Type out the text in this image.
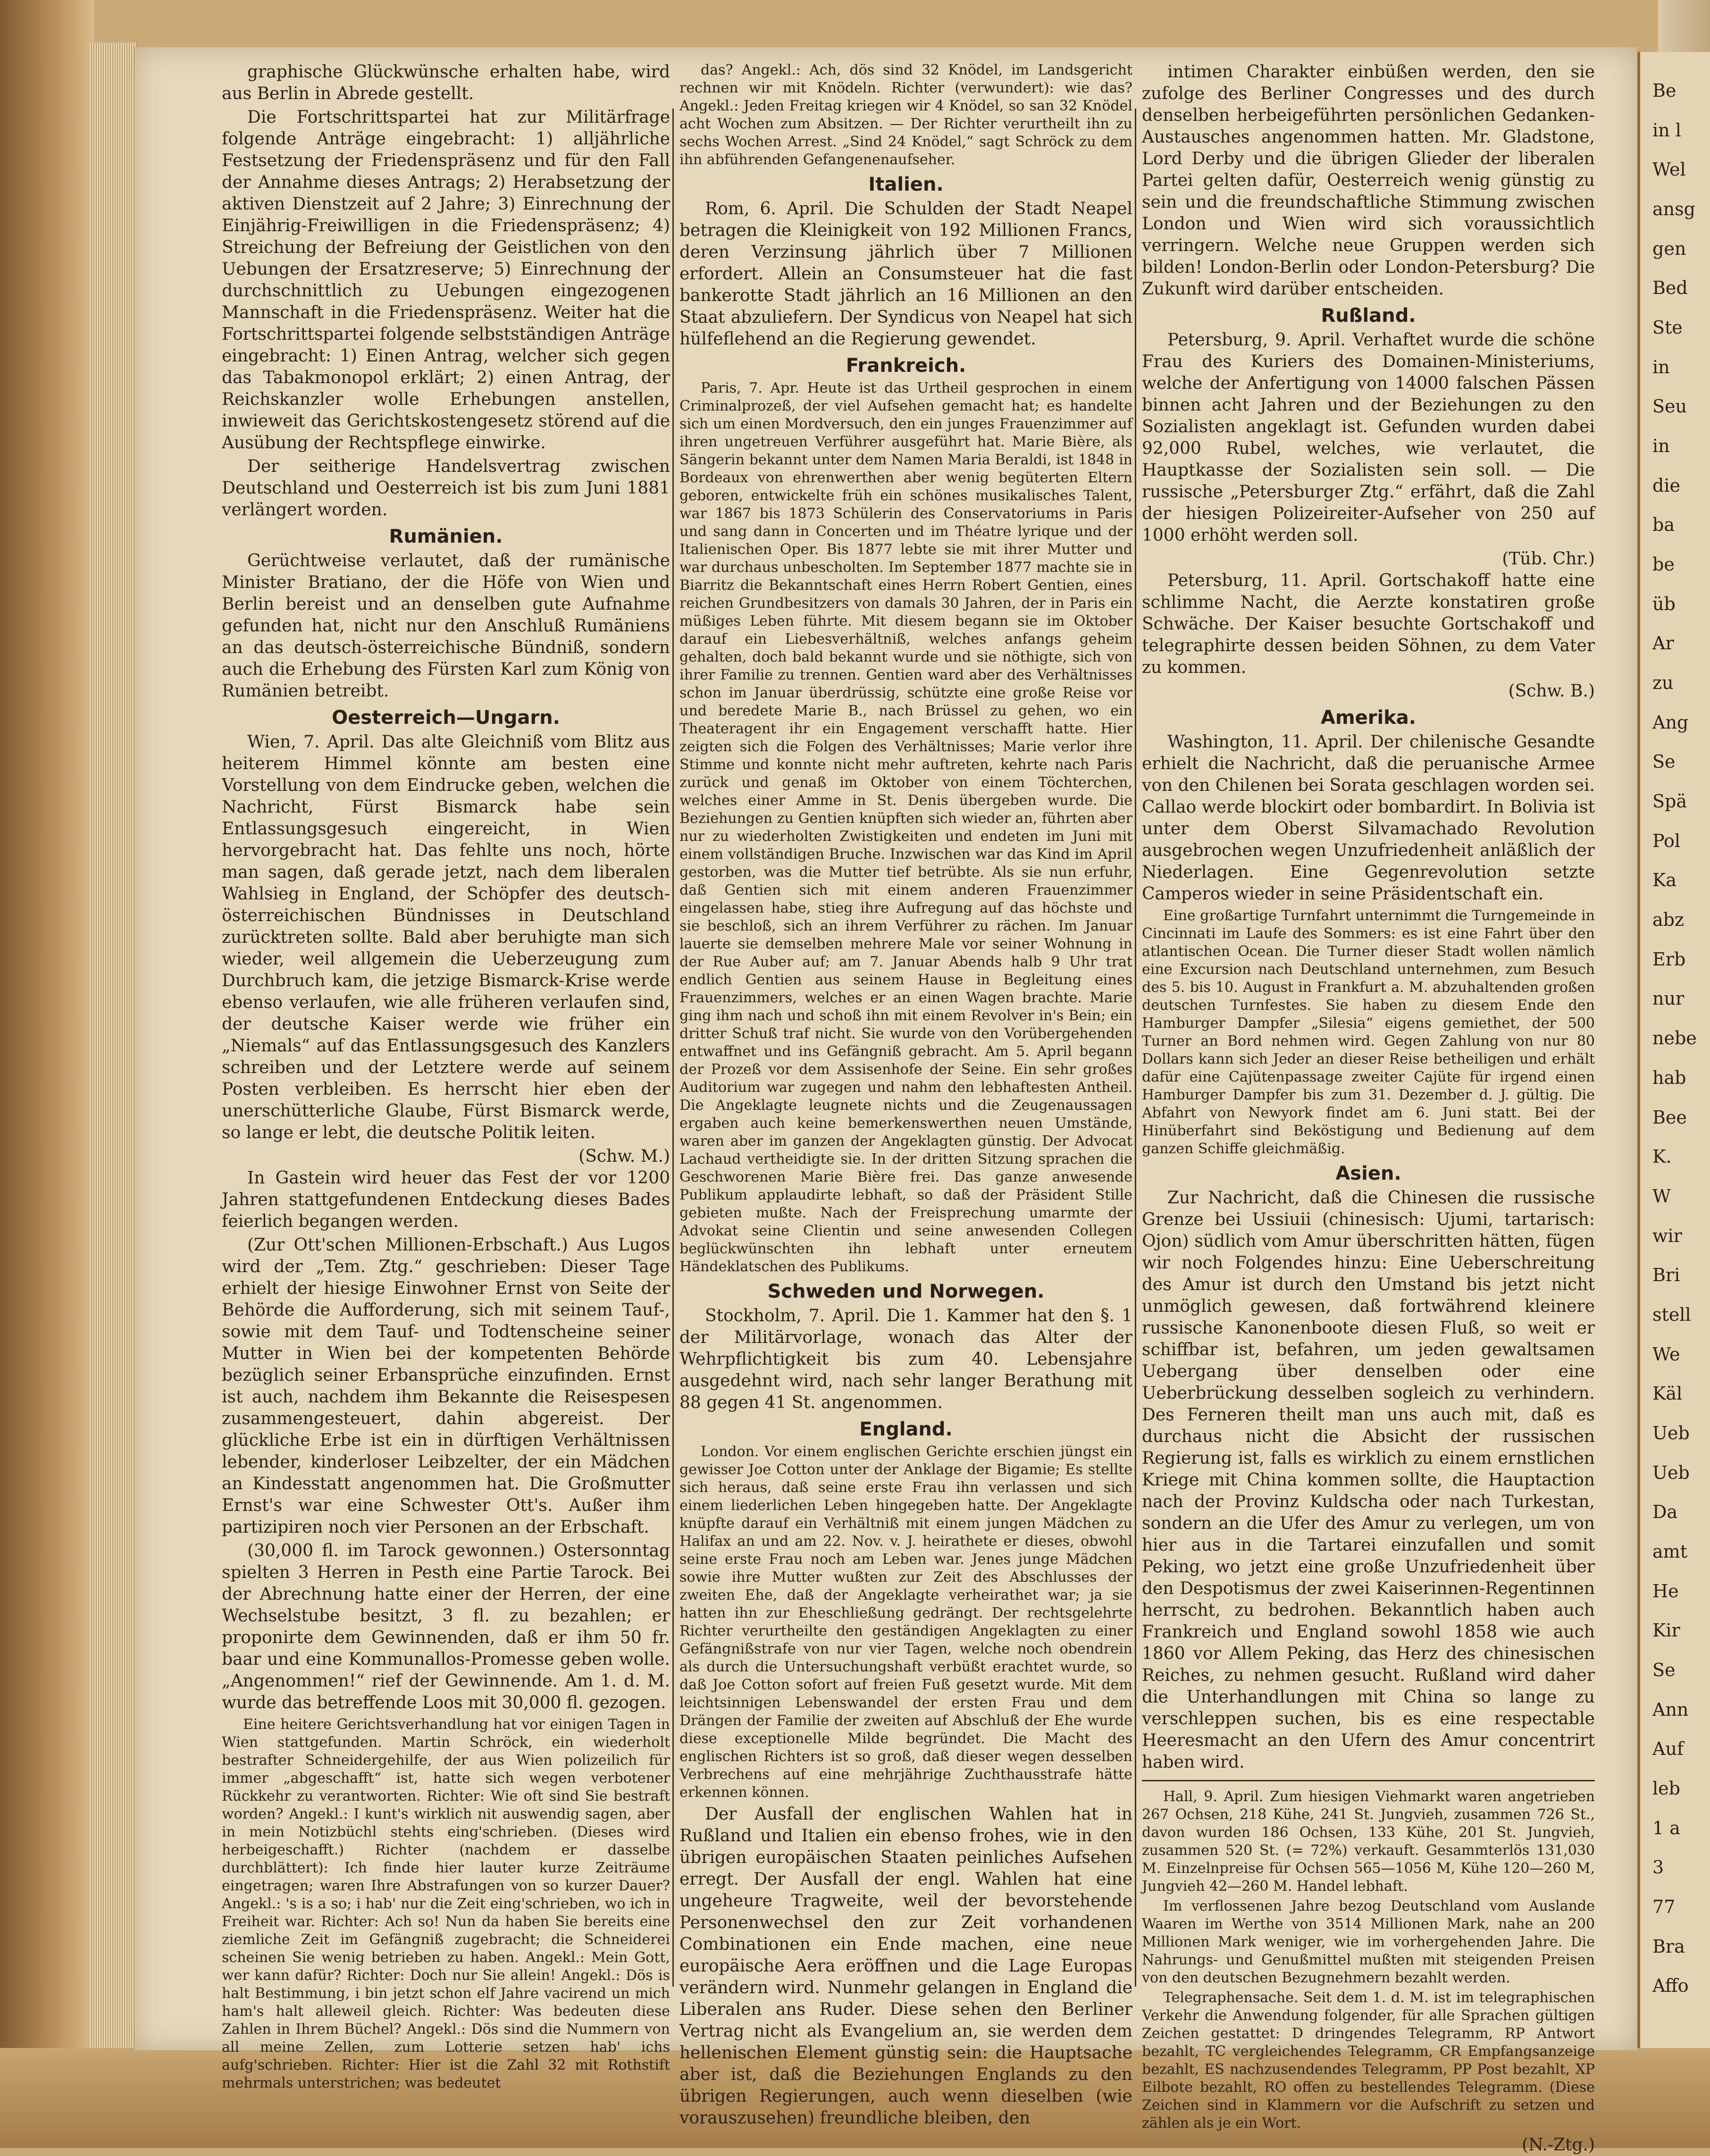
graphische Glückwünsche erhalten habe, wird aus Berlin in Abrede gestellt.

Die Fortschrittspartei hat zur Militärfrage folgende Anträge eingebracht: 1) alljährliche Festsetzung der Friedenspräsenz und für den Fall der Annahme dieses Antrags; 2) Herabsetzung der aktiven Dienstzeit auf 2 Jahre; 3) Einrechnung der Einjährig-Freiwilligen in die Friedenspräsenz; 4) Streichung der Befreiung der Geistlichen von den Uebungen der Ersatzreserve; 5) Einrechnung der durchschnittlich zu Uebungen eingezogenen Mannschaft in die Friedenspräsenz. Weiter hat die Fortschrittspartei folgende selbstständigen Anträge eingebracht: 1) Einen Antrag, welcher sich gegen das Tabakmonopol erklärt; 2) einen Antrag, der Reichskanzler wolle Erhebungen anstellen, inwieweit das Gerichtskostengesetz störend auf die Ausübung der Rechtspflege einwirke.

Der seitherige Handelsvertrag zwischen Deutschland und Oesterreich ist bis zum Juni 1881 verlängert worden.

Rumänien.

Gerüchtweise verlautet, daß der rumänische Minister Bratiano, der die Höfe von Wien und Berlin bereist und an denselben gute Aufnahme gefunden hat, nicht nur den Anschluß Rumäniens an das deutsch-österreichische Bündniß, sondern auch die Erhebung des Fürsten Karl zum König von Rumänien betreibt.

Oesterreich—Ungarn.

Wien, 7. April. Das alte Gleichniß vom Blitz aus heiterem Himmel könnte am besten eine Vorstellung von dem Eindrucke geben, welchen die Nachricht, Fürst Bismarck habe sein Entlassungsgesuch eingereicht, in Wien hervorgebracht hat. Das fehlte uns noch, hörte man sagen, daß gerade jetzt, nach dem liberalen Wahlsieg in England, der Schöpfer des deutsch-österreichischen Bündnisses in Deutschland zurücktreten sollte. Bald aber beruhigte man sich wieder, weil allgemein die Ueberzeugung zum Durchbruch kam, die jetzige Bismarck-Krise werde ebenso verlaufen, wie alle früheren verlaufen sind, der deutsche Kaiser werde wie früher ein „Niemals“ auf das Entlassungsgesuch des Kanzlers schreiben und der Letztere werde auf seinem Posten verbleiben. Es herrscht hier eben der unerschütterliche Glaube, Fürst Bismarck werde, so lange er lebt, die deutsche Politik leiten.

(Schw. M.)

In Gastein wird heuer das Fest der vor 1200 Jahren stattgefundenen Entdeckung dieses Bades feierlich begangen werden.

(Zur Ott'schen Millionen-Erbschaft.) Aus Lugos wird der „Tem. Ztg.“ geschrieben: Dieser Tage erhielt der hiesige Einwohner Ernst von Seite der Behörde die Aufforderung, sich mit seinem Tauf-, sowie mit dem Tauf- und Todtenscheine seiner Mutter in Wien bei der kompetenten Behörde bezüglich seiner Erbansprüche einzufinden. Ernst ist auch, nachdem ihm Bekannte die Reisespesen zusammengesteuert, dahin abgereist. Der glückliche Erbe ist ein in dürftigen Verhältnissen lebender, kinderloser Leibzelter, der ein Mädchen an Kindesstatt angenommen hat. Die Großmutter Ernst's war eine Schwester Ott's. Außer ihm partizipiren noch vier Personen an der Erbschaft.

(30,000 fl. im Tarock gewonnen.) Ostersonntag spielten 3 Herren in Pesth eine Partie Tarock. Bei der Abrechnung hatte einer der Herren, der eine Wechselstube besitzt, 3 fl. zu bezahlen; er proponirte dem Gewinnenden, daß er ihm 50 fr. baar und eine Kommunallos-Promesse geben wolle. „Angenommen!“ rief der Gewinnende. Am 1. d. M. wurde das betreffende Loos mit 30,000 fl. gezogen.

Eine heitere Gerichtsverhandlung hat vor einigen Tagen in Wien stattgefunden. Martin Schröck, ein wiederholt bestrafter Schneidergehilfe, der aus Wien polizeilich für immer „abgeschafft“ ist, hatte sich wegen verbotener Rückkehr zu verantworten. Richter: Wie oft sind Sie bestraft worden? Angekl.: I kunt's wirklich nit auswendig sagen, aber in mein Notizbüchl stehts eing'schrieben. (Dieses wird herbeigeschafft.) Richter (nachdem er dasselbe durchblättert): Ich finde hier lauter kurze Zeiträume eingetragen; waren Ihre Abstrafungen von so kurzer Dauer? Angekl.: 's is a so; i hab' nur die Zeit eing'schrieben, wo ich in Freiheit war. Richter: Ach so! Nun da haben Sie bereits eine ziemliche Zeit im Gefängniß zugebracht; die Schneiderei scheinen Sie wenig betrieben zu haben. Angekl.: Mein Gott, wer kann dafür? Richter: Doch nur Sie allein! Angekl.: Dös is halt Bestimmung, i bin jetzt schon elf Jahre vacirend un mich ham's halt alleweil gleich. Richter: Was bedeuten diese Zahlen in Ihrem Büchel? Angekl.: Dös sind die Nummern von all meine Zellen, zum Lotterie setzen hab' ichs aufg'schrieben. Richter: Hier ist die Zahl 32 mit Rothstift mehrmals unterstrichen; was bedeutet

das? Angekl.: Ach, dös sind 32 Knödel, im Landsgericht rechnen wir mit Knödeln. Richter (verwundert): wie das? Angekl.: Jeden Freitag kriegen wir 4 Knödel, so san 32 Knödel acht Wochen zum Absitzen. — Der Richter verurtheilt ihn zu sechs Wochen Arrest. „Sind 24 Knödel,“ sagt Schröck zu dem ihn abführenden Gefangenenaufseher.

Italien.

Rom, 6. April. Die Schulden der Stadt Neapel betragen die Kleinigkeit von 192 Millionen Francs, deren Verzinsung jährlich über 7 Millionen erfordert. Allein an Consumsteuer hat die fast bankerotte Stadt jährlich an 16 Millionen an den Staat abzuliefern. Der Syndicus von Neapel hat sich hülfeflehend an die Regierung gewendet.

Frankreich.

Paris, 7. Apr. Heute ist das Urtheil gesprochen in einem Criminalprozeß, der viel Aufsehen gemacht hat; es handelte sich um einen Mordversuch, den ein junges Frauenzimmer auf ihren ungetreuen Verführer ausgeführt hat. Marie Bière, als Sängerin bekannt unter dem Namen Maria Beraldi, ist 1848 in Bordeaux von ehrenwerthen aber wenig begüterten Eltern geboren, entwickelte früh ein schönes musikalisches Talent, war 1867 bis 1873 Schülerin des Conservatoriums in Paris und sang dann in Concerten und im Théatre lyrique und der Italienischen Oper. Bis 1877 lebte sie mit ihrer Mutter und war durchaus unbescholten. Im September 1877 machte sie in Biarritz die Bekanntschaft eines Herrn Robert Gentien, eines reichen Grundbesitzers von damals 30 Jahren, der in Paris ein müßiges Leben führte. Mit diesem begann sie im Oktober darauf ein Liebesverhältniß, welches anfangs geheim gehalten, doch bald bekannt wurde und sie nöthigte, sich von ihrer Familie zu trennen. Gentien ward aber des Verhältnisses schon im Januar überdrüssig, schützte eine große Reise vor und beredete Marie B., nach Brüssel zu gehen, wo ein Theateragent ihr ein Engagement verschafft hatte. Hier zeigten sich die Folgen des Verhältnisses; Marie verlor ihre Stimme und konnte nicht mehr auftreten, kehrte nach Paris zurück und genaß im Oktober von einem Töchterchen, welches einer Amme in St. Denis übergeben wurde. Die Beziehungen zu Gentien knüpften sich wieder an, führten aber nur zu wiederholten Zwistigkeiten und endeten im Juni mit einem vollständigen Bruche. Inzwischen war das Kind im April gestorben, was die Mutter tief betrübte. Als sie nun erfuhr, daß Gentien sich mit einem anderen Frauenzimmer eingelassen habe, stieg ihre Aufregung auf das höchste und sie beschloß, sich an ihrem Verführer zu rächen. Im Januar lauerte sie demselben mehrere Male vor seiner Wohnung in der Rue Auber auf; am 7. Januar Abends halb 9 Uhr trat endlich Gentien aus seinem Hause in Begleitung eines Frauenzimmers, welches er an einen Wagen brachte. Marie ging ihm nach und schoß ihn mit einem Revolver in's Bein; ein dritter Schuß traf nicht. Sie wurde von den Vorübergehenden entwaffnet und ins Gefängniß gebracht. Am 5. April begann der Prozeß vor dem Assisenhofe der Seine. Ein sehr großes Auditorium war zugegen und nahm den lebhaftesten Antheil. Die Angeklagte leugnete nichts und die Zeugenaussagen ergaben auch keine bemerkenswerthen neuen Umstände, waren aber im ganzen der Angeklagten günstig. Der Advocat Lachaud vertheidigte sie. In der dritten Sitzung sprachen die Geschworenen Marie Bière frei. Das ganze anwesende Publikum applaudirte lebhaft, so daß der Präsident Stille gebieten mußte. Nach der Freisprechung umarmte der Advokat seine Clientin und seine anwesenden Collegen beglückwünschten ihn lebhaft unter erneutem Händeklatschen des Publikums.

Schweden und Norwegen.

Stockholm, 7. April. Die 1. Kammer hat den §. 1 der Militärvorlage, wonach das Alter der Wehrpflichtigkeit bis zum 40. Lebensjahre ausgedehnt wird, nach sehr langer Berathung mit 88 gegen 41 St. angenommen.

England.

London. Vor einem englischen Gerichte erschien jüngst ein gewisser Joe Cotton unter der Anklage der Bigamie; Es stellte sich heraus, daß seine erste Frau ihn verlassen und sich einem liederlichen Leben hingegeben hatte. Der Angeklagte knüpfte darauf ein Verhältniß mit einem jungen Mädchen zu Halifax an und am 22. Nov. v. J. heirathete er dieses, obwohl seine erste Frau noch am Leben war. Jenes junge Mädchen sowie ihre Mutter wußten zur Zeit des Abschlusses der zweiten Ehe, daß der Angeklagte verheirathet war; ja sie hatten ihn zur Eheschließung gedrängt. Der rechtsgelehrte Richter verurtheilte den geständigen Angeklagten zu einer Gefängnißstrafe von nur vier Tagen, welche noch obendrein als durch die Untersuchungshaft verbüßt erachtet wurde, so daß Joe Cotton sofort auf freien Fuß gesetzt wurde. Mit dem leichtsinnigen Lebenswandel der ersten Frau und dem Drängen der Familie der zweiten auf Abschluß der Ehe wurde diese exceptionelle Milde begründet. Die Macht des englischen Richters ist so groß, daß dieser wegen desselben Verbrechens auf eine mehrjährige Zuchthausstrafe hätte erkennen können.

Der Ausfall der englischen Wahlen hat in Rußland und Italien ein ebenso frohes, wie in den übrigen europäischen Staaten peinliches Aufsehen erregt. Der Ausfall der engl. Wahlen hat eine ungeheure Tragweite, weil der bevorstehende Personenwechsel den zur Zeit vorhandenen Combinationen ein Ende machen, eine neue europäische Aera eröffnen und die Lage Europas verändern wird. Nunmehr gelangen in England die Liberalen ans Ruder. Diese sehen den Berliner Vertrag nicht als Evangelium an, sie werden dem hellenischen Element günstig sein: die Hauptsache aber ist, daß die Beziehungen Englands zu den übrigen Regierungen, auch wenn dieselben (wie vorauszusehen) freundliche bleiben, den

intimen Charakter einbüßen werden, den sie zufolge des Berliner Congresses und des durch denselben herbeigeführten persönlichen Gedanken-Austausches angenommen hatten. Mr. Gladstone, Lord Derby und die übrigen Glieder der liberalen Partei gelten dafür, Oesterreich wenig günstig zu sein und die freundschaftliche Stimmung zwischen London und Wien wird sich voraussichtlich verringern. Welche neue Gruppen werden sich bilden! London-Berlin oder London-Petersburg? Die Zukunft wird darüber entscheiden.

Rußland.

Petersburg, 9. April. Verhaftet wurde die schöne Frau des Kuriers des Domainen-Ministeriums, welche der Anfertigung von 14000 falschen Pässen binnen acht Jahren und der Beziehungen zu den Sozialisten angeklagt ist. Gefunden wurden dabei 92,000 Rubel, welches, wie verlautet, die Hauptkasse der Sozialisten sein soll. — Die russische „Petersburger Ztg.“ erfährt, daß die Zahl der hiesigen Polizeireiter-Aufseher von 250 auf 1000 erhöht werden soll.

(Tüb. Chr.)

Petersburg, 11. April. Gortschakoff hatte eine schlimme Nacht, die Aerzte konstatiren große Schwäche. Der Kaiser besuchte Gortschakoff und telegraphirte dessen beiden Söhnen, zu dem Vater zu kommen.

(Schw. B.)
Amerika.

Washington, 11. April. Der chilenische Gesandte erhielt die Nachricht, daß die peruanische Armee von den Chilenen bei Sorata geschlagen worden sei. Callao werde blockirt oder bombardirt. In Bolivia ist unter dem Oberst Silvamachado Revolution ausgebrochen wegen Unzufriedenheit anläßlich der Niederlagen. Eine Gegenrevolution setzte Camperos wieder in seine Präsidentschaft ein.

Eine großartige Turnfahrt unternimmt die Turngemeinde in Cincinnati im Laufe des Sommers: es ist eine Fahrt über den atlantischen Ocean. Die Turner dieser Stadt wollen nämlich eine Excursion nach Deutschland unternehmen, zum Besuch des 5. bis 10. August in Frankfurt a. M. abzuhaltenden großen deutschen Turnfestes. Sie haben zu diesem Ende den Hamburger Dampfer „Silesia“ eigens gemiethet, der 500 Turner an Bord nehmen wird. Gegen Zahlung von nur 80 Dollars kann sich Jeder an dieser Reise betheiligen und erhält dafür eine Cajütenpassage zweiter Cajüte für irgend einen Hamburger Dampfer bis zum 31. Dezember d. J. gültig. Die Abfahrt von Newyork findet am 6. Juni statt. Bei der Hinüberfahrt sind Beköstigung und Bedienung auf dem ganzen Schiffe gleichmäßig.

Asien.

Zur Nachricht, daß die Chinesen die russische Grenze bei Ussiuii (chinesisch: Ujumi, tartarisch: Ojon) südlich vom Amur überschritten hätten, fügen wir noch Folgendes hinzu: Eine Ueberschreitung des Amur ist durch den Umstand bis jetzt nicht unmöglich gewesen, daß fortwährend kleinere russische Kanonenboote diesen Fluß, so weit er schiffbar ist, befahren, um jeden gewaltsamen Uebergang über denselben oder eine Ueberbrückung desselben sogleich zu verhindern. Des Ferneren theilt man uns auch mit, daß es durchaus nicht die Absicht der russischen Regierung ist, falls es wirklich zu einem ernstlichen Kriege mit China kommen sollte, die Hauptaction nach der Provinz Kuldscha oder nach Turkestan, sondern an die Ufer des Amur zu verlegen, um von hier aus in die Tartarei einzufallen und somit Peking, wo jetzt eine große Unzufriedenheit über den Despotismus der zwei Kaiserinnen-Regentinnen herrscht, zu bedrohen. Bekanntlich haben auch Frankreich und England sowohl 1858 wie auch 1860 vor Allem Peking, das Herz des chinesischen Reiches, zu nehmen gesucht. Rußland wird daher die Unterhandlungen mit China so lange zu verschleppen suchen, bis es eine respectable Heeresmacht an den Ufern des Amur concentrirt haben wird.

Hall, 9. April. Zum hiesigen Viehmarkt waren angetrieben 267 Ochsen, 218 Kühe, 241 St. Jungvieh, zusammen 726 St., davon wurden 186 Ochsen, 133 Kühe, 201 St. Jungvieh, zusammen 520 St. (= 72%) verkauft. Gesammterlös 131,030 M. Einzelnpreise für Ochsen 565—1056 M, Kühe 120—260 M, Jungvieh 42—260 M. Handel lebhaft.

Im verflossenen Jahre bezog Deutschland vom Auslande Waaren im Werthe von 3514 Millionen Mark, nahe an 200 Millionen Mark weniger, wie im vorhergehenden Jahre. Die Nahrungs- und Genußmittel mußten mit steigenden Preisen von den deutschen Bezugnehmern bezahlt werden.

Telegraphensache. Seit dem 1. d. M. ist im telegraphischen Verkehr die Anwendung folgender, für alle Sprachen gültigen Zeichen gestattet: D dringendes Telegramm, RP Antwort bezahlt, TC vergleichendes Telegramm, CR Empfangsanzeige bezahlt, ES nachzusendendes Telegramm, PP Post bezahlt, XP Eilbote bezahlt, RO offen zu bestellendes Telegramm. (Diese Zeichen sind in Klammern vor die Aufschrift zu setzen und zählen als je ein Wort.

(N.-Ztg.)
Be
in l
Wel
ansg
gen
Bed
Ste
in
Seu
in
die
ba
be
üb
Ar
zu
Ang
Se
Spä
Pol
Ka
abz
Erb
nur
nebe
hab
Bee
K.
W
wir
Bri
stell
We
Käl
Ueb
Ueb
Da
amt
He
Kir
Se
Ann
Auf
leb
1 a
3
77
Bra
Affo
